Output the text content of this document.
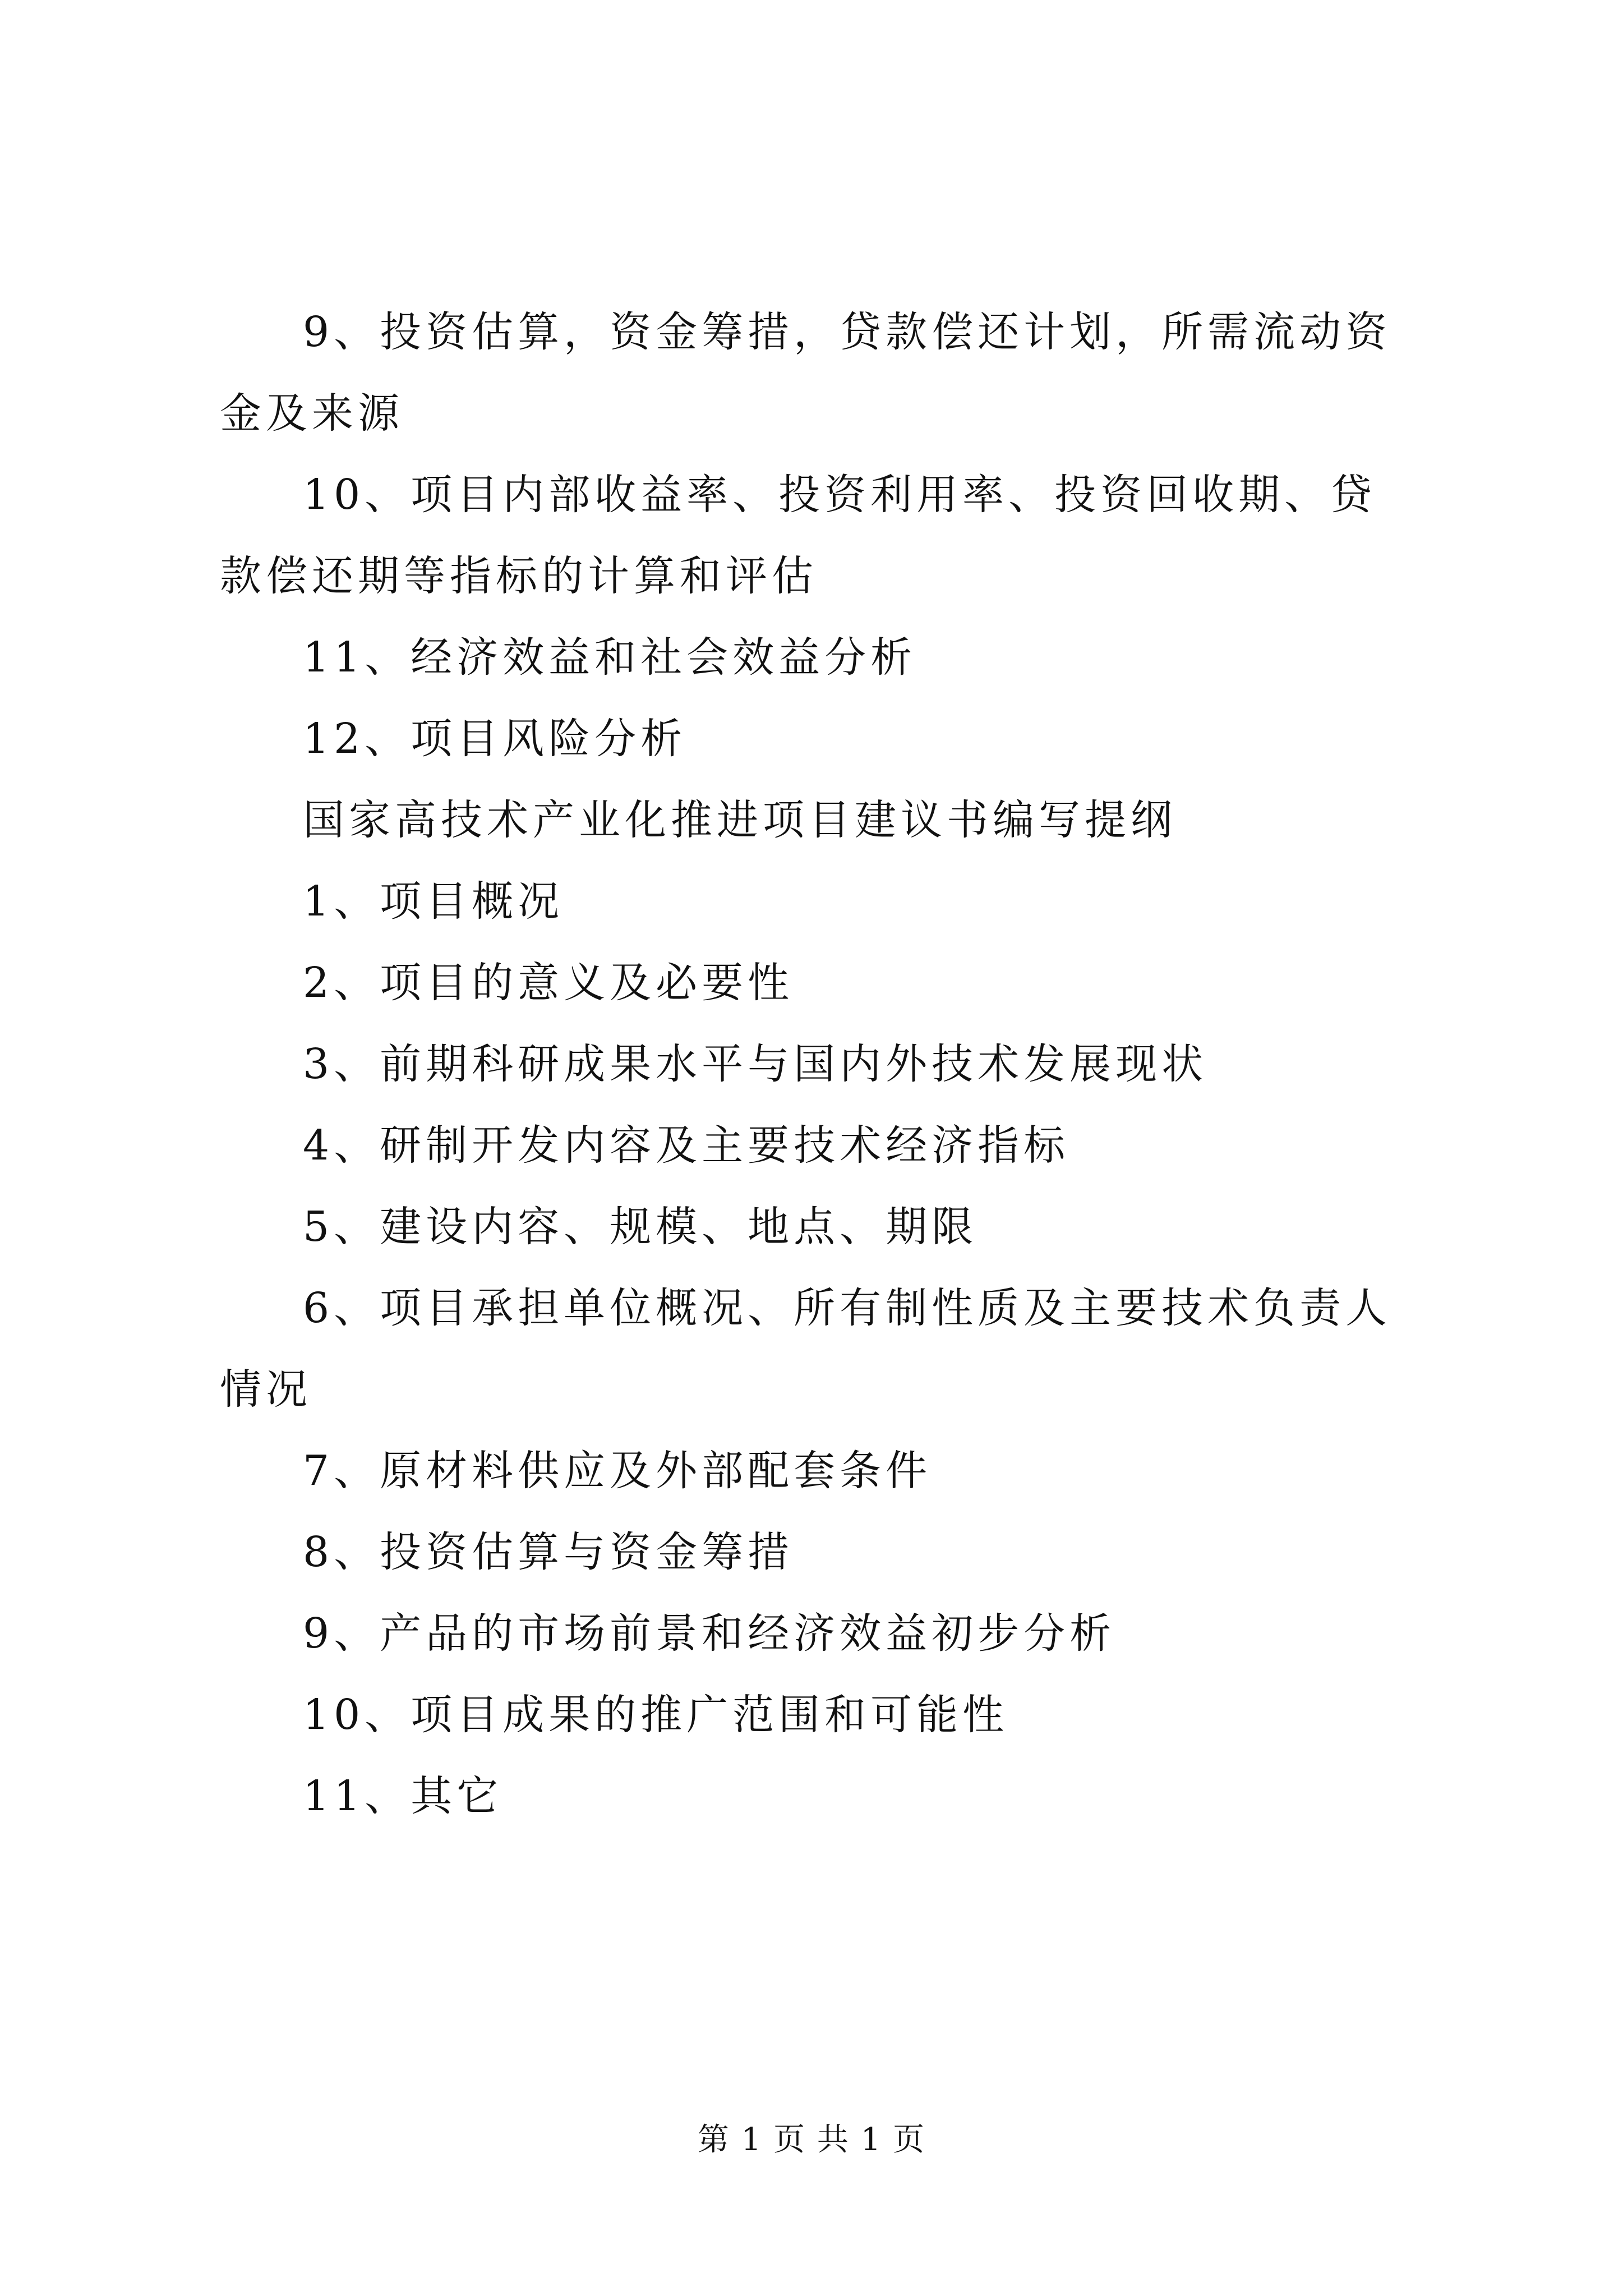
9、投资估算，资金筹措，贷款偿还计划，所需流动资金及来源

10、项目内部收益率、投资利用率、投资回收期、贷款偿还期等指标的计算和评估

11、经济效益和社会效益分析

12、项目风险分析

国家高技术产业化推进项目建议书编写提纲

1、项目概况

2、项目的意义及必要性

3、前期科研成果水平与国内外技术发展现状

4、研制开发内容及主要技术经济指标

5、建设内容、规模、地点、期限

6、项目承担单位概况、所有制性质及主要技术负责人情况

7、原材料供应及外部配套条件

8、投资估算与资金筹措

9、产品的市场前景和经济效益初步分析

10、项目成果的推广范围和可能性

11、其它

第 1 页 共 1 页
